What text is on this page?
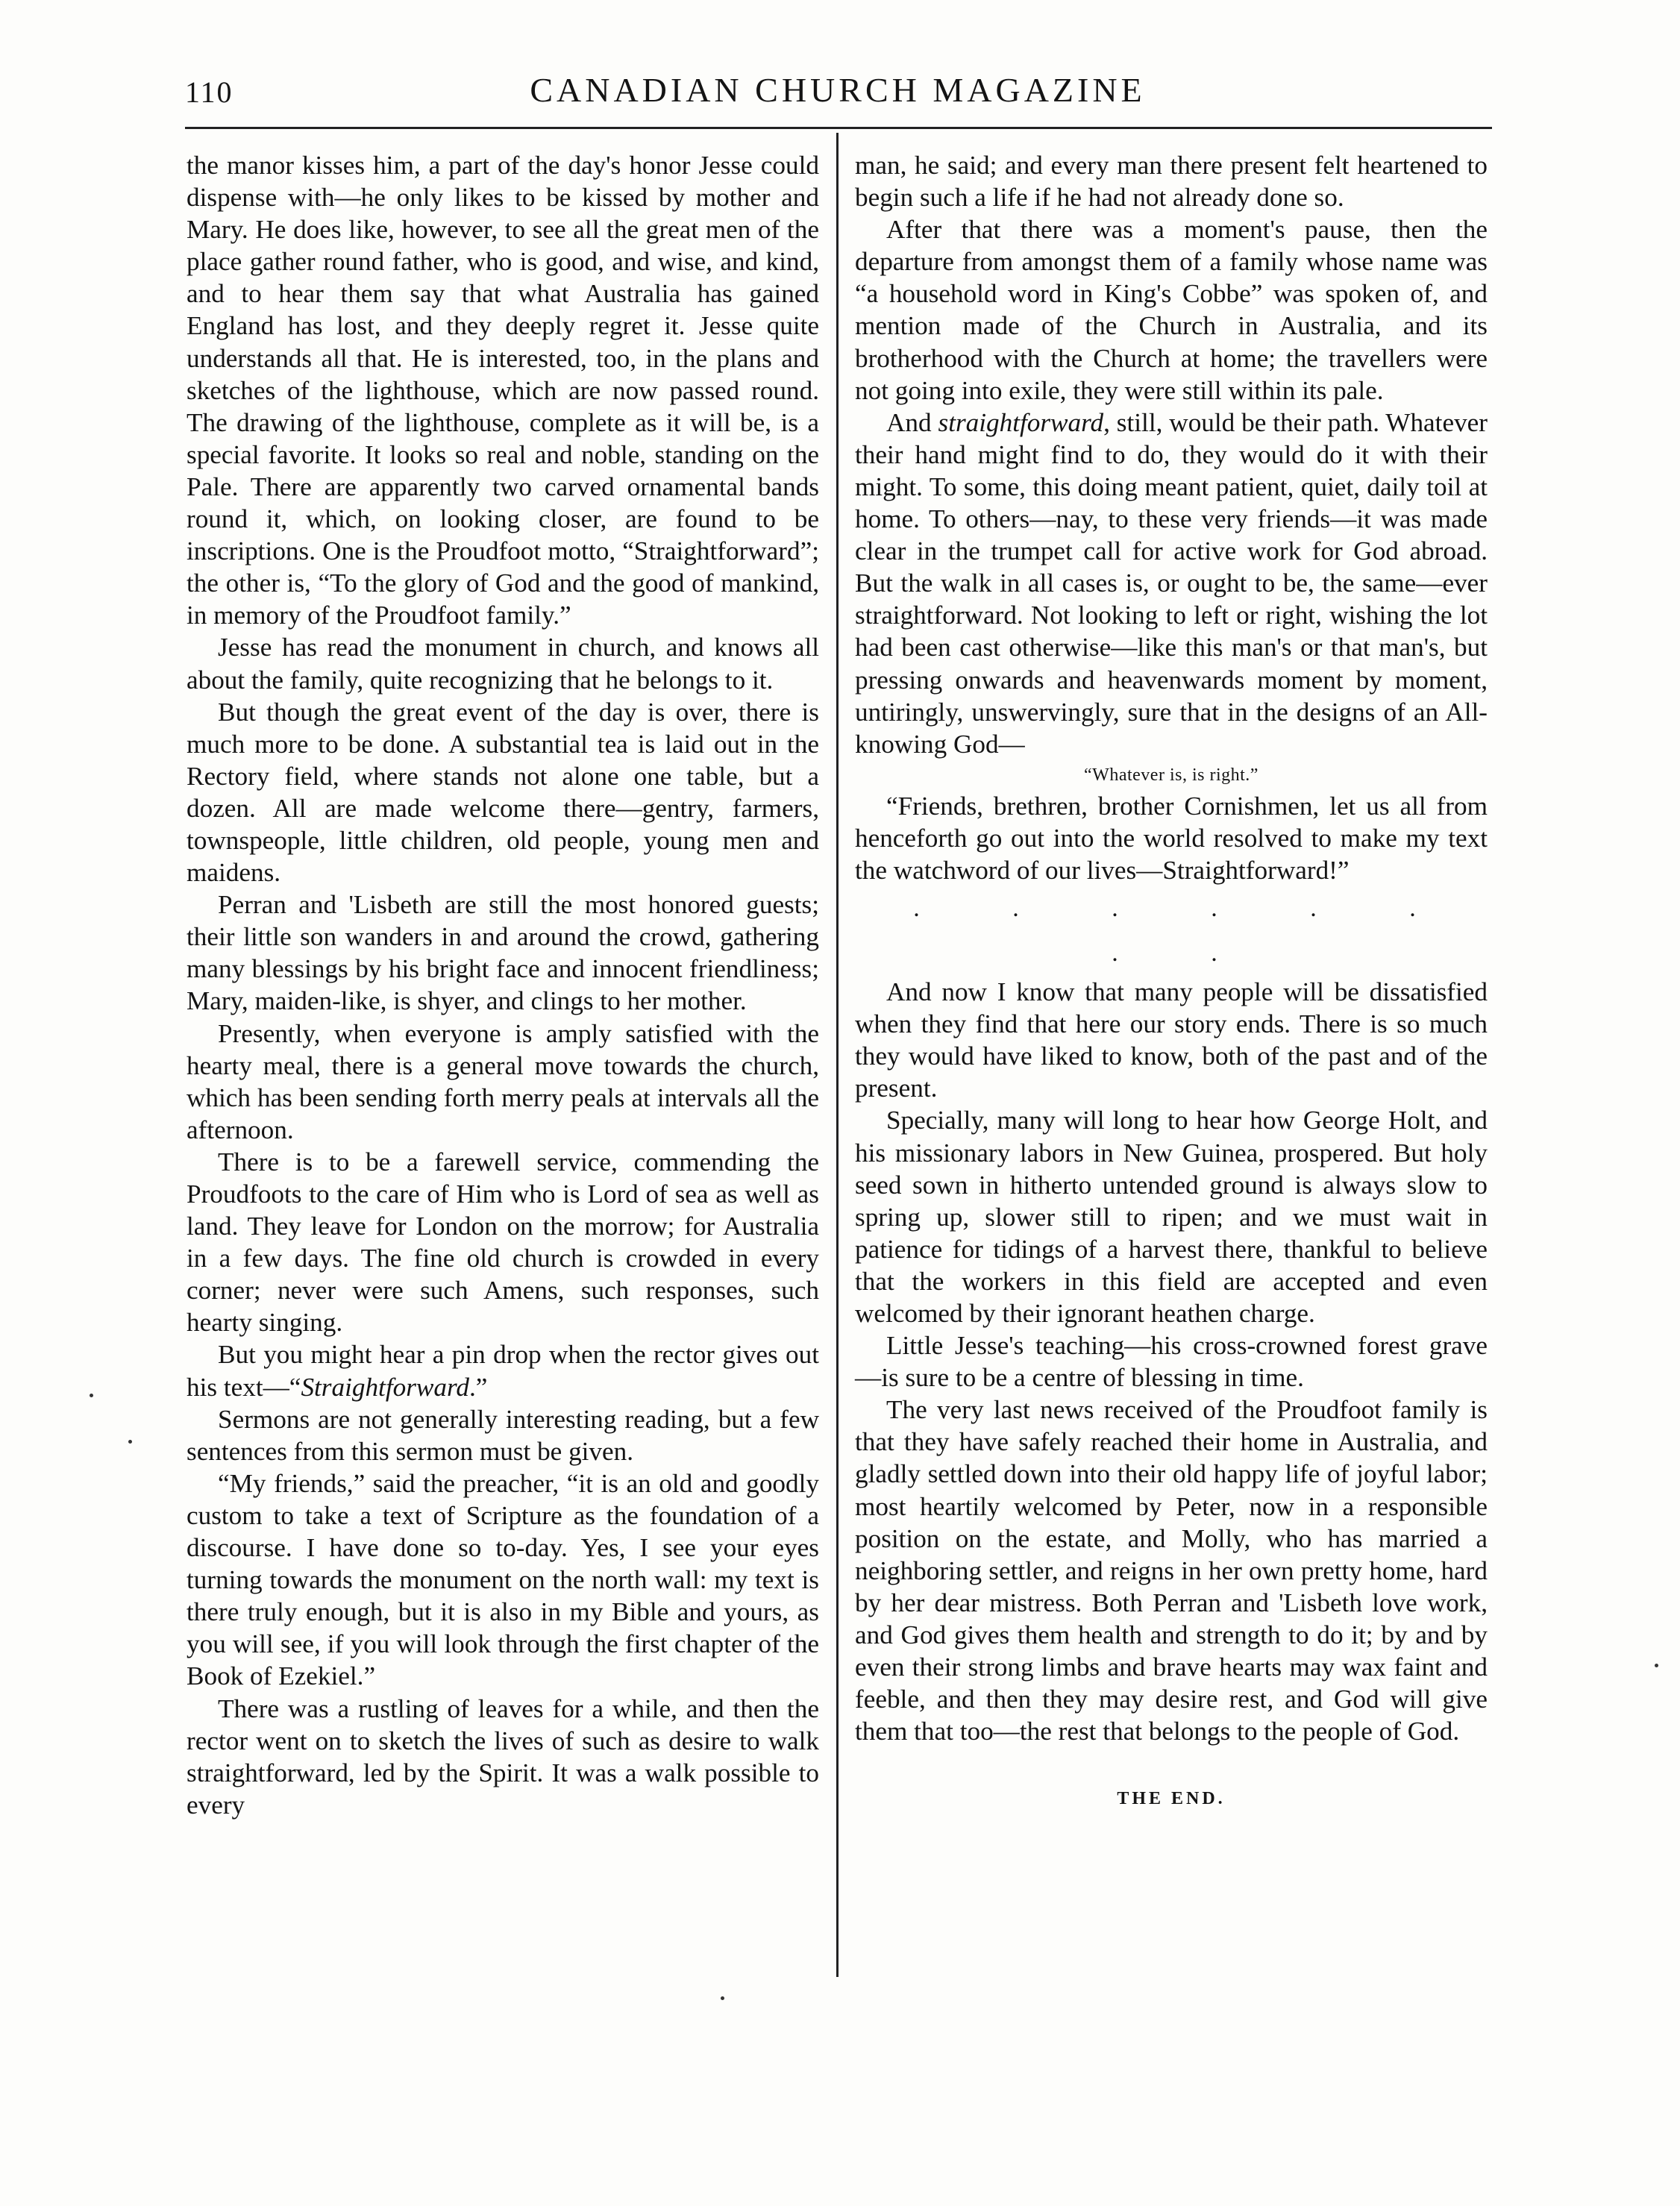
110	CANADIAN CHURCH MAGAZINE

the manor kisses him, a part of the day's honor Jesse could dispense with—he only likes to be kissed by mother and Mary. He does like, however, to see all the great men of the place gather round father, who is good, and wise, and kind, and to hear them say that what Australia has gained England has lost, and they deeply regret it. Jesse quite understands all that. He is interested, too, in the plans and sketches of the lighthouse, which are now passed round. The drawing of the lighthouse, complete as it will be, is a special favorite. It looks so real and noble, standing on the Pale. There are apparently two carved ornamental bands round it, which, on looking closer, are found to be inscriptions. One is the Proudfoot motto, “Straightforward”; the other is, “To the glory of God and the good of mankind, in memory of the Proudfoot family.”

Jesse has read the monument in church, and knows all about the family, quite recognizing that he belongs to it.

But though the great event of the day is over, there is much more to be done. A substantial tea is laid out in the Rectory field, where stands not alone one table, but a dozen. All are made welcome there—gentry, farmers, townspeople, little children, old people, young men and maidens.

Perran and 'Lisbeth are still the most honored guests; their little son wanders in and around the crowd, gathering many blessings by his bright face and innocent friendliness; Mary, maiden-like, is shyer, and clings to her mother.

Presently, when everyone is amply satisfied with the hearty meal, there is a general move towards the church, which has been sending forth merry peals at intervals all the afternoon.

There is to be a farewell service, commending the Proudfoots to the care of Him who is Lord of sea as well as land. They leave for London on the morrow; for Australia in a few days. The fine old church is crowded in every corner; never were such Amens, such responses, such hearty singing.

But you might hear a pin drop when the rector gives out his text—“Straightforward.”

Sermons are not generally interesting reading, but a few sentences from this sermon must be given.

“My friends,” said the preacher, “it is an old and goodly custom to take a text of Scripture as the foundation of a discourse. I have done so to-day. Yes, I see your eyes turning towards the monument on the north wall: my text is there truly enough, but it is also in my Bible and yours, as you will see, if you will look through the first chapter of the Book of Ezekiel.”

There was a rustling of leaves for a while, and then the rector went on to sketch the lives of such as desire to walk straightforward, led by the Spirit. It was a walk possible to every

man, he said; and every man there present felt heartened to begin such a life if he had not already done so.

After that there was a moment's pause, then the departure from amongst them of a family whose name was “a household word in King's Cobbe” was spoken of, and mention made of the Church in Australia, and its brotherhood with the Church at home; the travellers were not going into exile, they were still within its pale.

And straightforward, still, would be their path. Whatever their hand might find to do, they would do it with their might. To some, this doing meant patient, quiet, daily toil at home. To others—nay, to these very friends—it was made clear in the trumpet call for active work for God abroad. But the walk in all cases is, or ought to be, the same—ever straightforward. Not looking to left or right, wishing the lot had been cast otherwise—like this man's or that man's, but pressing onwards and heavenwards moment by moment, untiringly, unswervingly, sure that in the designs of an All-knowing God—

“Whatever is, is right.”

“Friends, brethren, brother Cornishmen, let us all from henceforth go out into the world resolved to make my text the watchword of our lives—Straightforward!”

. . . . . . . .

And now I know that many people will be dissatisfied when they find that here our story ends. There is so much they would have liked to know, both of the past and of the present.

Specially, many will long to hear how George Holt, and his missionary labors in New Guinea, prospered. But holy seed sown in hitherto untended ground is always slow to spring up, slower still to ripen; and we must wait in patience for tidings of a harvest there, thankful to believe that the workers in this field are accepted and even welcomed by their ignorant heathen charge.

Little Jesse's teaching—his cross-crowned forest grave—is sure to be a centre of blessing in time.

The very last news received of the Proudfoot family is that they have safely reached their home in Australia, and gladly settled down into their old happy life of joyful labor; most heartily welcomed by Peter, now in a responsible position on the estate, and Molly, who has married a neighboring settler, and reigns in her own pretty home, hard by her dear mistress. Both Perran and 'Lisbeth love work, and God gives them health and strength to do it; by and by even their strong limbs and brave hearts may wax faint and feeble, and then they may desire rest, and God will give them that too—the rest that belongs to the people of God.

THE END.
